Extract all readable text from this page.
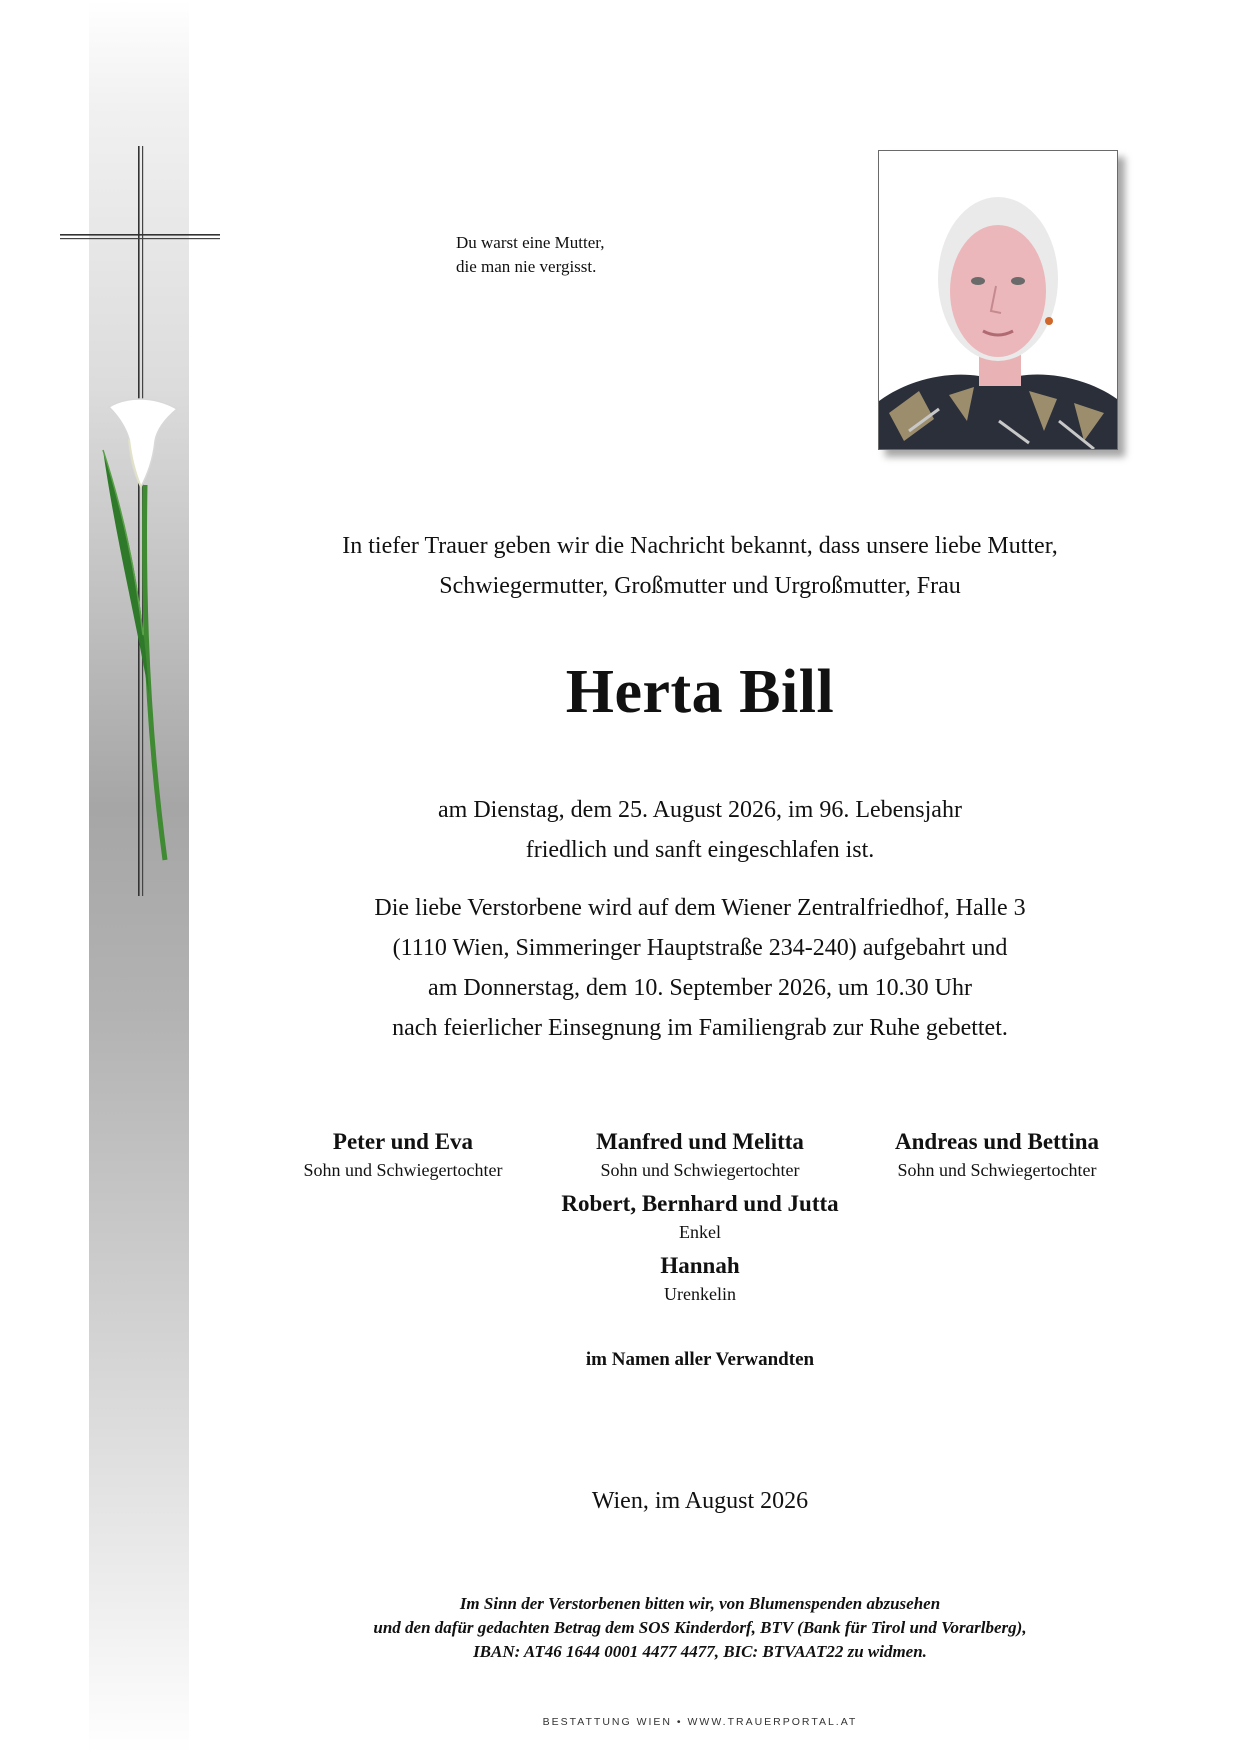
Du warst eine Mutter,
die man nie vergisst.
In tiefer Trauer geben wir die Nachricht bekannt, dass unsere liebe Mutter,
Schwiegermutter, Großmutter und Urgroßmutter, Frau
Herta Bill
am Dienstag, dem 25. August 2026, im 96. Lebensjahr
friedlich und sanft eingeschlafen ist.
Die liebe Verstorbene wird auf dem Wiener Zentralfriedhof, Halle 3
(1110 Wien, Simmeringer Hauptstraße 234-240) aufgebahrt und
am Donnerstag, dem 10. September 2026, um 10.30 Uhr
nach feierlicher Einsegnung im Familiengrab zur Ruhe gebettet.
Peter und Eva
Sohn und Schwiegertochter
Manfred und Melitta
Sohn und Schwiegertochter
Andreas und Bettina
Sohn und Schwiegertochter
Robert, Bernhard und Jutta
Enkel
Hannah
Urenkelin
im Namen aller Verwandten
Wien, im August 2026
Im Sinn der Verstorbenen bitten wir, von Blumenspenden abzusehen
und den dafür gedachten Betrag dem SOS Kinderdorf, BTV (Bank für Tirol und Vorarlberg),
IBAN: AT46 1644 0001 4477 4477, BIC: BTVAAT22 zu widmen.
BESTATTUNG WIEN • WWW.TRAUERPORTAL.AT
